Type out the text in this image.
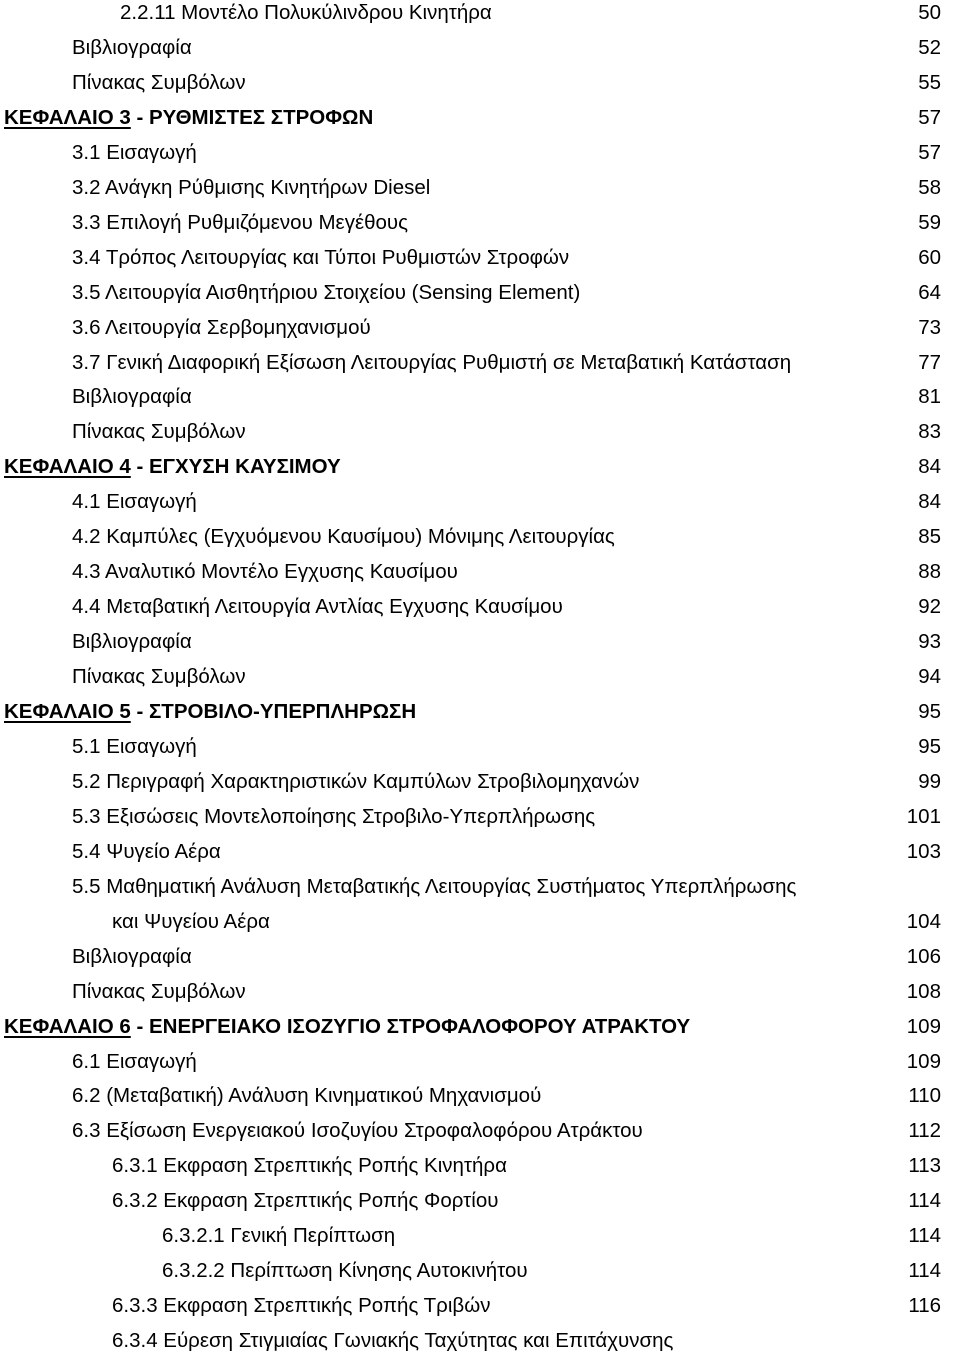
2.2.11 Μοντέλο Πολυκύλινδρου Κινητήρα	50
Βιβλιογραφία	52
Πίνακας Συμβόλων	55
ΚΕΦΑΛΑΙΟ 3 - ΡΥΘΜΙΣΤΕΣ ΣΤΡΟΦΩΝ	57
3.1 Εισαγωγή	57
3.2 Ανάγκη Ρύθμισης Κινητήρων Diesel	58
3.3 Επιλογή Ρυθμιζόμενου Μεγέθους	59
3.4 Τρόπος Λειτουργίας και Τύποι Ρυθμιστών Στροφών	60
3.5 Λειτουργία Αισθητήριου Στοιχείου (Sensing Element)	64
3.6 Λειτουργία Σερβομηχανισμού	73
3.7 Γενική Διαφορική Εξίσωση Λειτουργίας Ρυθμιστή σε Μεταβατική Κατάσταση	77
Βιβλιογραφία	81
Πίνακας Συμβόλων	83
ΚΕΦΑΛΑΙΟ 4 - ΕΓΧΥΣΗ ΚΑΥΣΙΜΟΥ	84
4.1 Εισαγωγή	84
4.2 Καμπύλες (Εγχυόμενου Καυσίμου) Μόνιμης Λειτουργίας	85
4.3 Αναλυτικό Μοντέλο Εγχυσης Καυσίμου	88
4.4 Μεταβατική Λειτουργία Αντλίας Εγχυσης Καυσίμου	92
Βιβλιογραφία	93
Πίνακας Συμβόλων	94
ΚΕΦΑΛΑΙΟ 5 - ΣΤΡΟΒΙΛΟ-ΥΠΕΡΠΛΗΡΩΣΗ	95
5.1 Εισαγωγή	95
5.2 Περιγραφή Χαρακτηριστικών Καμπύλων Στροβιλομηχανών	99
5.3 Εξισώσεις Μοντελοποίησης Στροβιλο-Υπερπλήρωσης	101
5.4 Ψυγείο Αέρα	103
5.5 Μαθηματική Ανάλυση Μεταβατικής Λειτουργίας Συστήματος Υπερπλήρωσης
και Ψυγείου Αέρα	104
Βιβλιογραφία	106
Πίνακας Συμβόλων	108
ΚΕΦΑΛΑΙΟ 6 - ΕΝΕΡΓΕΙΑΚΟ ΙΣΟΖΥΓΙΟ ΣΤΡΟΦΑΛΟΦΟΡΟΥ ΑΤΡΑΚΤΟΥ	109
6.1 Εισαγωγή	109
6.2 (Μεταβατική) Ανάλυση Κινηματικού Μηχανισμού	110
6.3 Εξίσωση Ενεργειακού Ισοζυγίου Στροφαλοφόρου Ατράκτου	112
6.3.1 Εκφραση Στρεπτικής Ροπής Κινητήρα	113
6.3.2 Εκφραση Στρεπτικής Ροπής Φορτίου	114
6.3.2.1 Γενική Περίπτωση	114
6.3.2.2 Περίπτωση Κίνησης Αυτοκινήτου	114
6.3.3 Εκφραση Στρεπτικής Ροπής Τριβών	116
6.3.4 Εύρεση Στιγμιαίας Γωνιακής Ταχύτητας και Επιτάχυνσης
